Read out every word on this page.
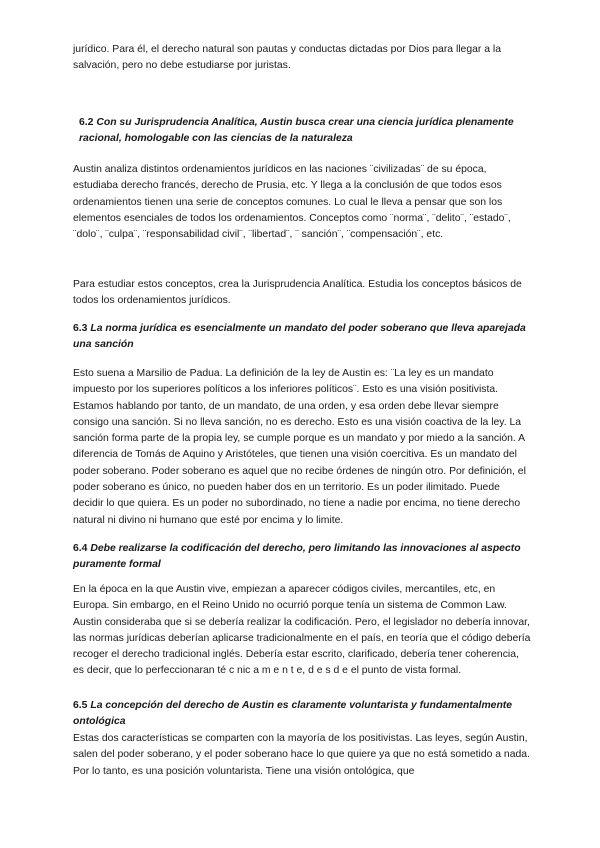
jurídico. Para él, el derecho natural son pautas y conductas dictadas por Dios para llegar a la salvación, pero no debe estudiarse por juristas.

6.2 Con su Jurisprudencia Analítica, Austin busca crear una ciencia jurídica plenamente racional, homologable con las ciencias de la naturaleza

Austin analiza distintos ordenamientos jurídicos en las naciones ¨civilizadas¨ de su época, estudiaba derecho francés, derecho de Prusia, etc. Y llega a la conclusión de que todos esos ordenamientos tienen una serie de conceptos comunes. Lo cual le lleva a pensar que son los elementos esenciales de todos los ordenamientos. Conceptos como ¨norma¨, ¨delito¨, ¨estado¨, ¨dolo¨, ¨culpa¨, ¨responsabilidad civil¨, ¨libertad¨, ¨ sanción¨, ¨compensación¨, etc.

Para estudiar estos conceptos, crea la Jurisprudencia Analítica. Estudia los conceptos básicos de todos los ordenamientos jurídicos.

6.3 La norma jurídica es esencialmente un mandato del poder soberano que lleva aparejada una sanción

Esto suena a Marsilio de Padua. La definición de la ley de Austin es: ¨La ley es un mandato impuesto por los superiores políticos a los inferiores políticos¨. Esto es una visión positivista. Estamos hablando por tanto, de un mandato, de una orden, y esa orden debe llevar siempre consigo una sanción. Si no lleva sanción, no es derecho. Esto es una visión coactiva de la ley. La sanción forma parte de la propia ley, se cumple porque es un mandato y por miedo a la sanción. A diferencia de Tomás de Aquino y Aristóteles, que tienen una visión coercitiva. Es un mandato del poder soberano. Poder soberano es aquel que no recibe órdenes de ningún otro. Por definición, el poder soberano es único, no pueden haber dos en un territorio. Es un poder ilimitado. Puede decidir lo que quiera. Es un poder no subordinado, no tiene a nadie por encima, no tiene derecho natural ni divino ni humano que esté por encima y lo limite.

6.4 Debe realizarse la codificación del derecho, pero limitando las innovaciones al aspecto puramente formal

En la época en la que Austin vive, empiezan a aparecer códigos civiles, mercantiles, etc, en Europa. Sin embargo, en el Reino Unido no ocurrió porque tenía un sistema de Common Law. Austin consideraba que si se debería realizar la codificación. Pero, el legislador no debería innovar, las normas jurídicas deberían aplicarse tradicionalmente en el país, en teoría que el código debería recoger el derecho tradicional inglés. Debería estar escrito, clarificado, debería tener coherencia, es decir, que lo perfeccionaran té c nic a m e n t e, d e s d e el punto de vista formal.

6.5 La concepción del derecho de Austin es claramente voluntarista y fundamentalmente ontológica

Estas dos características se comparten con la mayoría de los positivistas. Las leyes, según Austin, salen del poder soberano, y el poder soberano hace lo que quiere ya que no está sometido a nada. Por lo tanto, es una posición voluntarista. Tiene una visión ontológica, que
